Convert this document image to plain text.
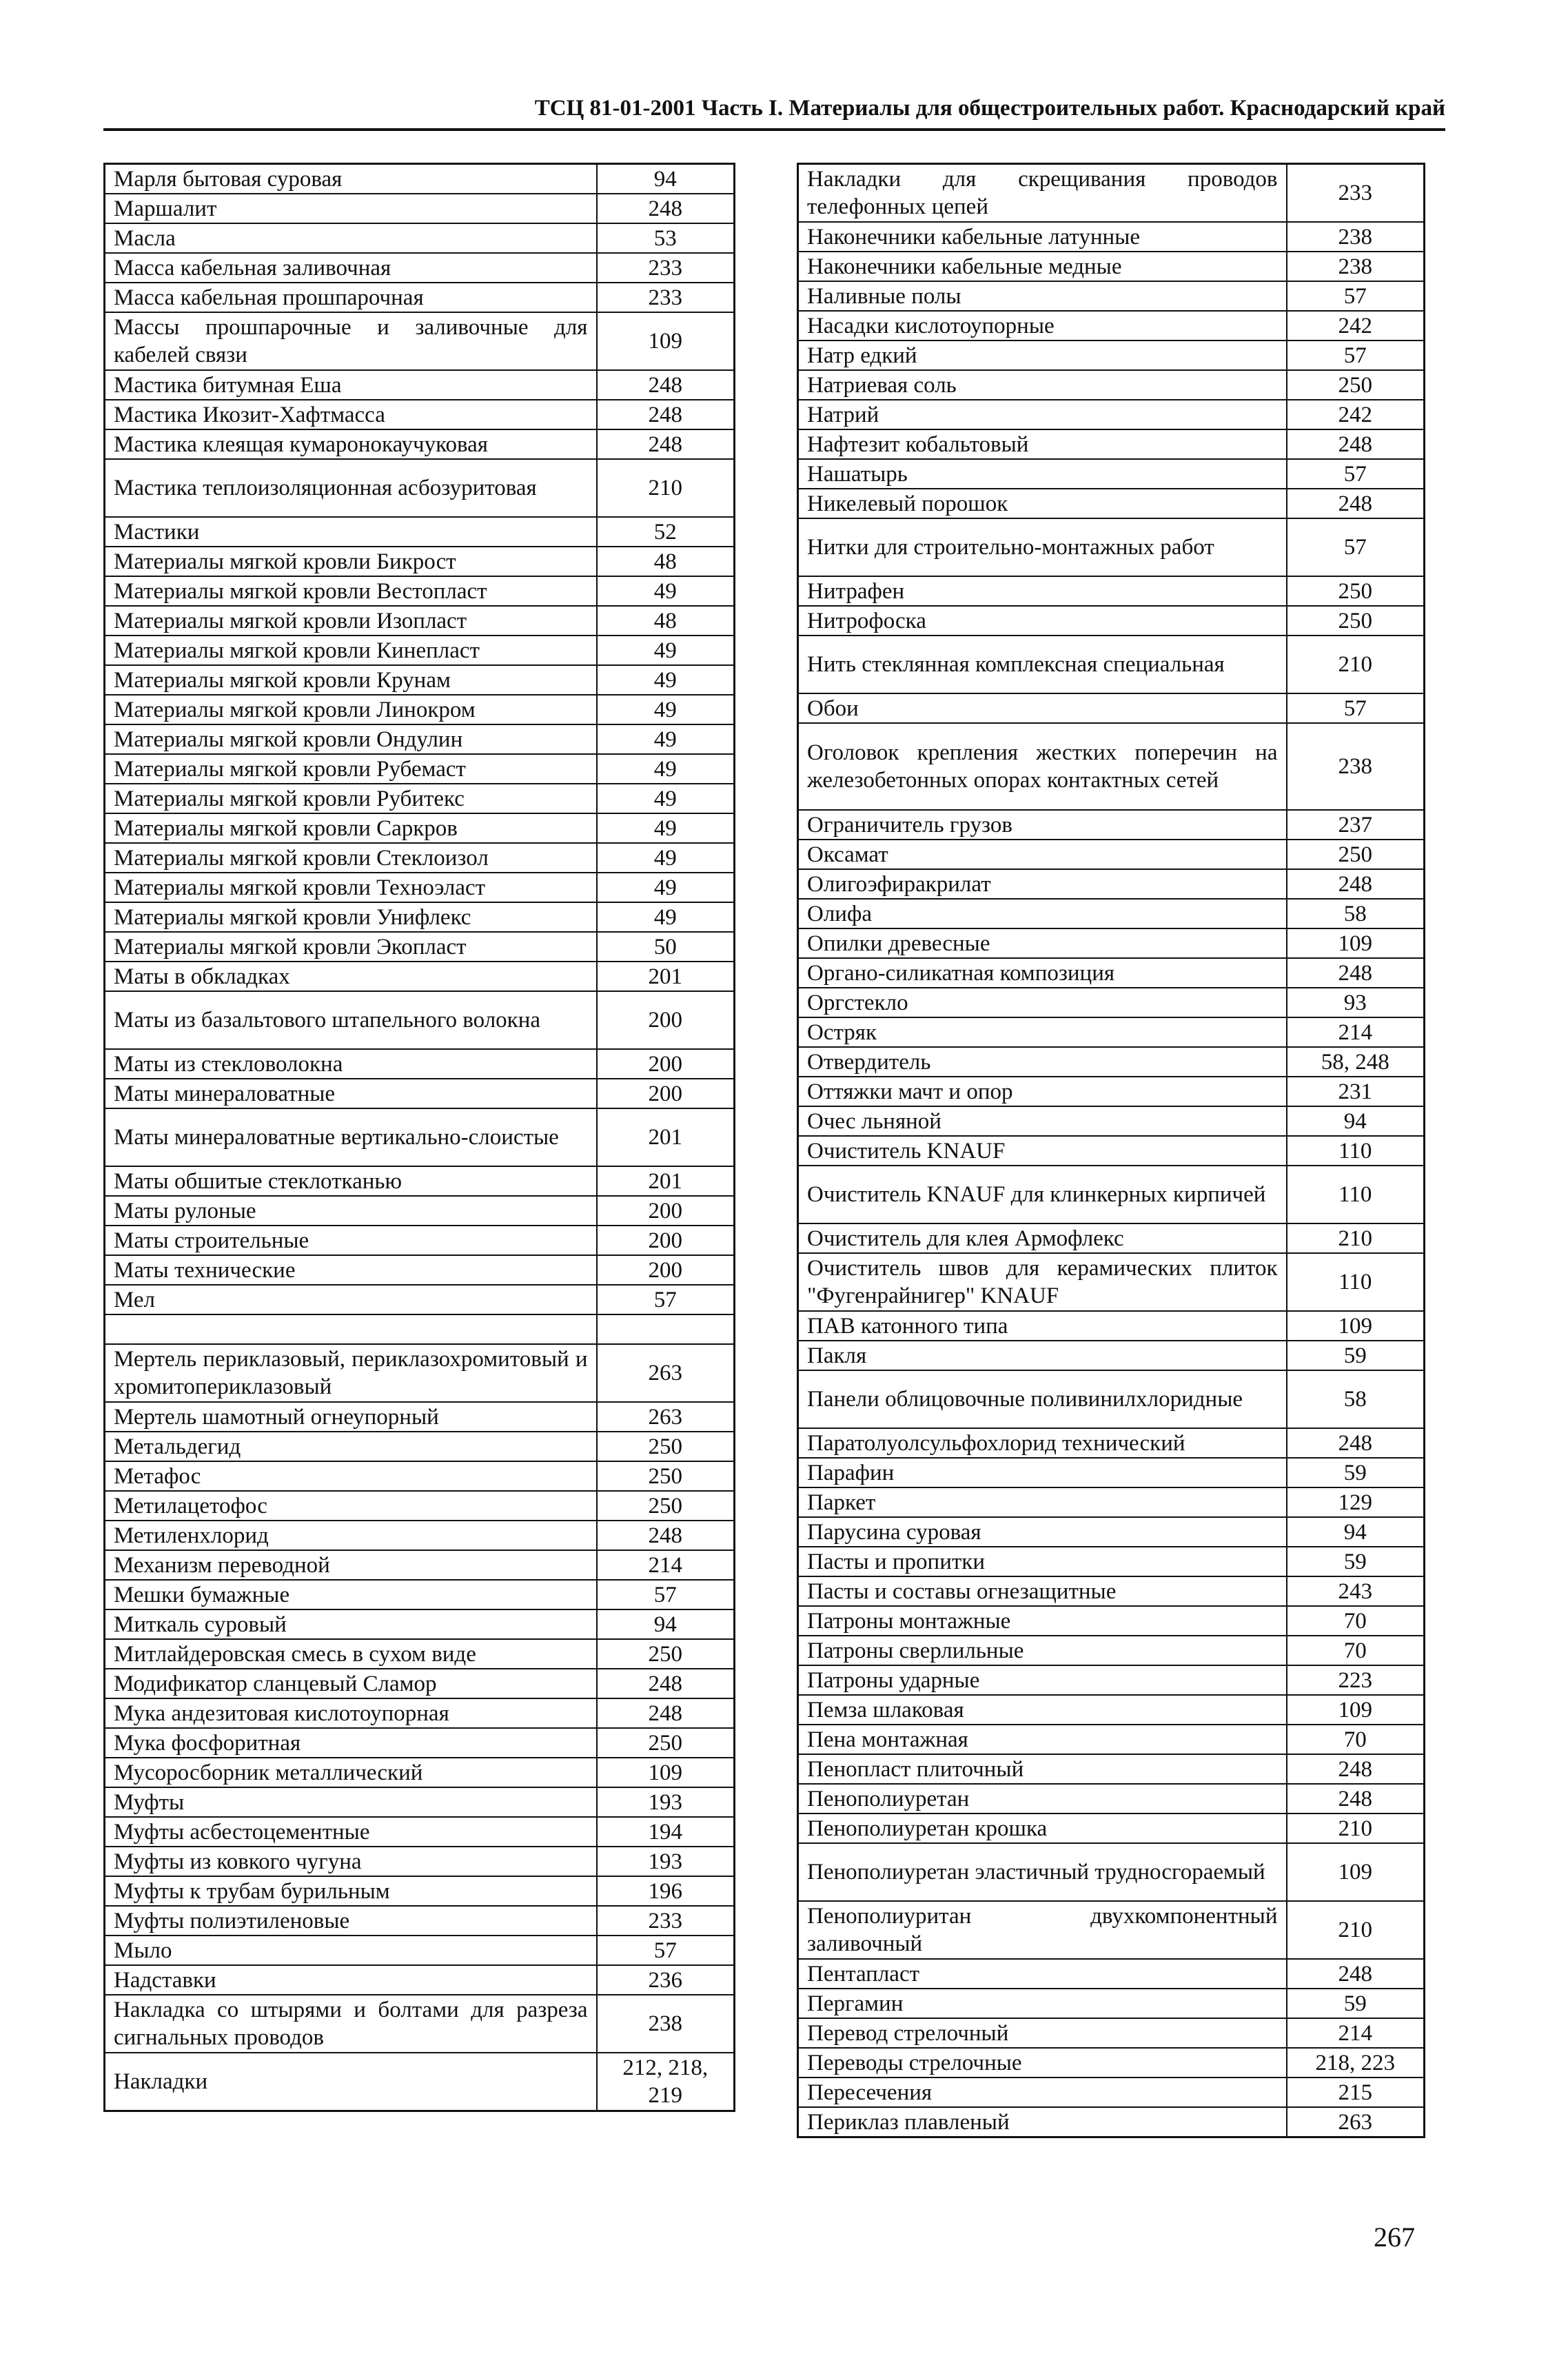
ТСЦ 81-01-2001 Часть I. Материалы для общестроительных работ. Краснодарский край
Марля бытовая суровая	94
Маршалит	248
Масла	53
Масса кабельная заливочная	233
Масса кабельная прошпарочная	233
Массы прошпарочные и заливочные для кабелей связи	109
Мастика битумная Еша	248
Мастика Икозит-Хафтмасса	248
Мастика клеящая кумаронокаучуковая	248
Мастика теплоизоляционная асбозуритовая	210
Мастики	52
Материалы мягкой кровли Бикрост	48
Материалы мягкой кровли Вестопласт	49
Материалы мягкой кровли Изопласт	48
Материалы мягкой кровли Кинепласт	49
Материалы мягкой кровли Крунам	49
Материалы мягкой кровли Линокром	49
Материалы мягкой кровли Ондулин	49
Материалы мягкой кровли Рубемаст	49
Материалы мягкой кровли Рубитекс	49
Материалы мягкой кровли Саркров	49
Материалы мягкой кровли Стеклоизол	49
Материалы мягкой кровли Техноэласт	49
Материалы мягкой кровли Унифлекс	49
Материалы мягкой кровли Экопласт	50
Маты в обкладках	201
Маты из базальтового штапельного волокна	200
Маты из стекловолокна	200
Маты минераловатные	200
Маты минераловатные вертикально-слоистые	201
Маты обшитые стеклотканью	201
Маты рулоные	200
Маты строительные	200
Маты технические	200
Мел	57

Мертель периклазовый, периклазохромитовый и хромитопериклазовый	263
Мертель шамотный огнеупорный	263
Метальдегид	250
Метафос	250
Метилацетофос	250
Метиленхлорид	248
Механизм переводной	214
Мешки бумажные	57
Миткаль суровый	94
Митлайдеровская смесь в сухом виде	250
Модификатор сланцевый Сламор	248
Мука андезитовая кислотоупорная	248
Мука фосфоритная	250
Мусоросборник металлический	109
Муфты	193
Муфты асбестоцементные	194
Муфты из ковкого чугуна	193
Муфты к трубам бурильным	196
Муфты полиэтиленовые	233
Мыло	57
Надставки	236
Накладка со штырями и болтами для разреза сигнальных проводов	238
Накладки	212, 218, 219
Накладки для скрещивания проводов телефонных цепей	233
Наконечники кабельные латунные	238
Наконечники кабельные медные	238
Наливные полы	57
Насадки кислотоупорные	242
Натр едкий	57
Натриевая соль	250
Натрий	242
Нафтезит кобальтовый	248
Нашатырь	57
Никелевый порошок	248
Нитки для строительно-монтажных работ	57
Нитрафен	250
Нитрофоска	250
Нить стеклянная комплексная специальная	210
Обои	57
Оголовок крепления жестких поперечин на железобетонных опорах контактных сетей	238
Ограничитель грузов	237
Оксамат	250
Олигоэфиракрилат	248
Олифа	58
Опилки древесные	109
Органо-силикатная композиция	248
Оргстекло	93
Остряк	214
Отвердитель	58, 248
Оттяжки мачт и опор	231
Очес льняной	94
Очиститель KNAUF	110
Очиститель KNAUF для клинкерных кирпичей	110
Очиститель для клея Армофлекс	210
Очиститель швов для керамических плиток "Фугенрайнигер" KNAUF	110
ПАВ катонного типа	109
Пакля	59
Панели облицовочные поливинилхлоридные	58
Паратолуолсульфохлорид технический	248
Парафин	59
Паркет	129
Парусина суровая	94
Пасты и пропитки	59
Пасты и составы огнезащитные	243
Патроны монтажные	70
Патроны сверлильные	70
Патроны ударные	223
Пемза шлаковая	109
Пена монтажная	70
Пенопласт плиточный	248
Пенополиуретан	248
Пенополиуретан крошка	210
Пенополиуретан эластичный трудносгораемый	109
Пенополиуритан двухкомпонентный заливочный	210
Пентапласт	248
Пергамин	59
Перевод стрелочный	214
Переводы стрелочные	218, 223
Пересечения	215
Периклаз плавленый	263
267
